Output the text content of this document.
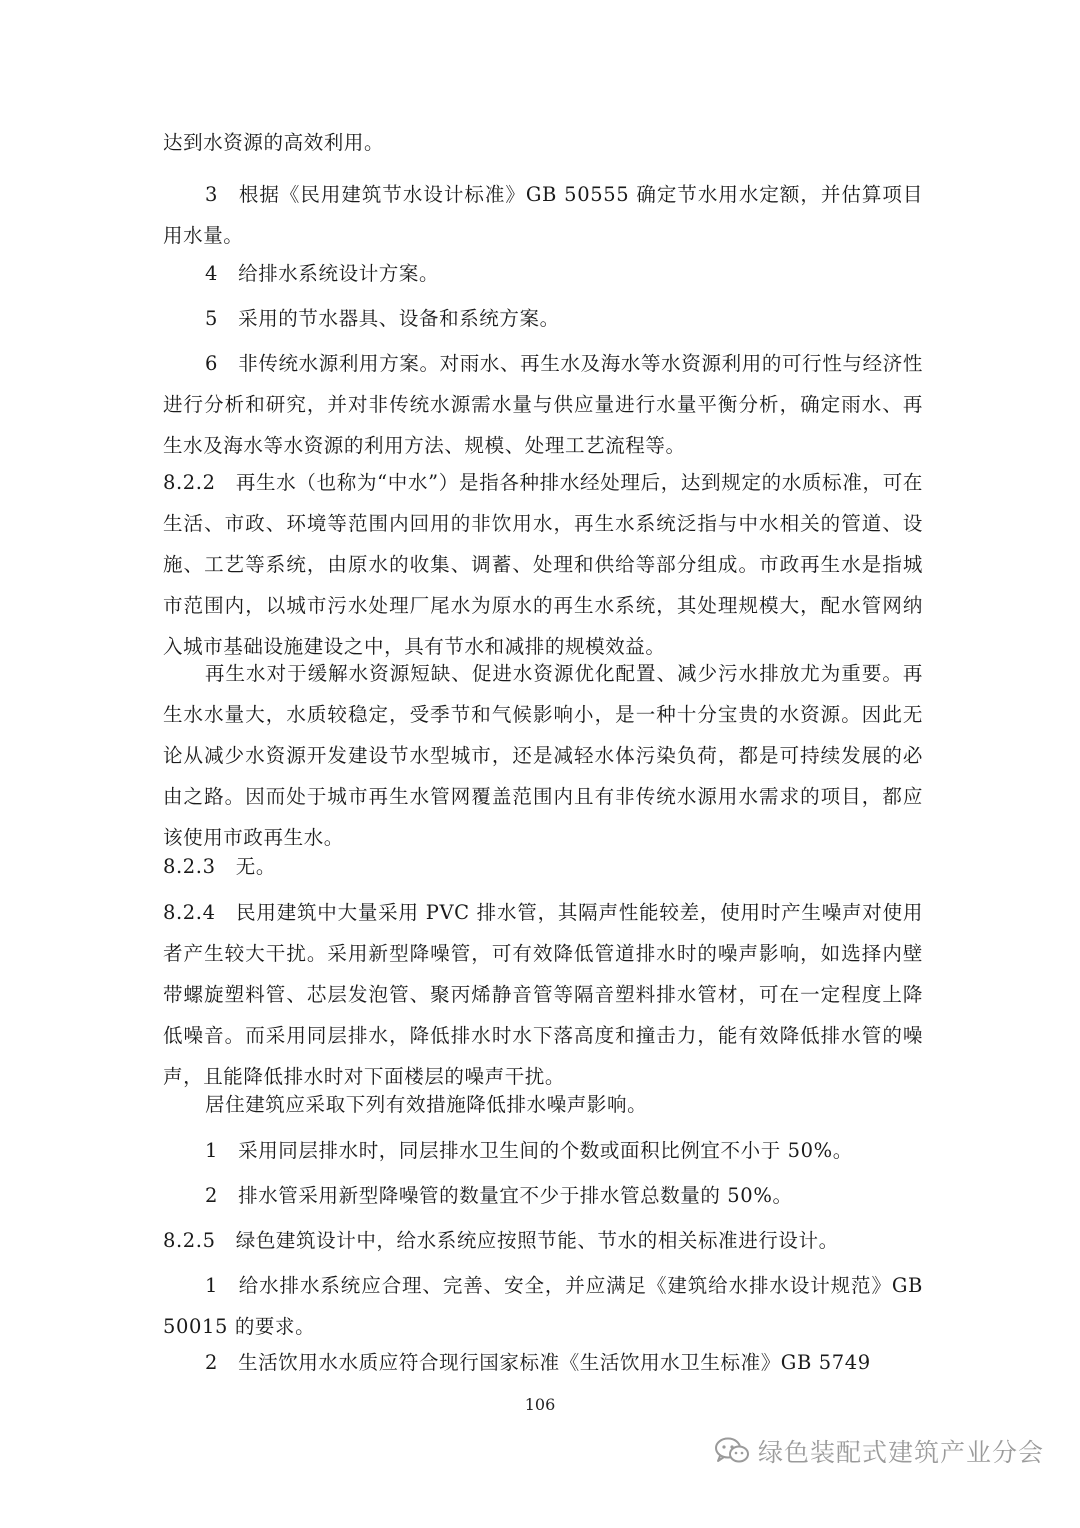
达到水资源的高效利用。
3　根据《民用建筑节水设计标准》GB 50555 确定节水用水定额，并估算项目用水量。
4　给排水系统设计方案。
5　采用的节水器具、设备和系统方案。
6　非传统水源利用方案。对雨水、再生水及海水等水资源利用的可行性与经济性进行分析和研究，并对非传统水源需水量与供应量进行水量平衡分析，确定雨水、再生水及海水等水资源的利用方法、规模、处理工艺流程等。
8.2.2　再生水（也称为“中水”）是指各种排水经处理后，达到规定的水质标准，可在生活、市政、环境等范围内回用的非饮用水，再生水系统泛指与中水相关的管道、设施、工艺等系统，由原水的收集、调蓄、处理和供给等部分组成。市政再生水是指城市范围内，以城市污水处理厂尾水为原水的再生水系统，其处理规模大，配水管网纳入城市基础设施建设之中，具有节水和减排的规模效益。
再生水对于缓解水资源短缺、促进水资源优化配置、减少污水排放尤为重要。再生水水量大，水质较稳定，受季节和气候影响小，是一种十分宝贵的水资源。因此无论从减少水资源开发建设节水型城市，还是减轻水体污染负荷，都是可持续发展的必由之路。因而处于城市再生水管网覆盖范围内且有非传统水源用水需求的项目，都应该使用市政再生水。
8.2.3　无。
8.2.4　民用建筑中大量采用 PVC 排水管，其隔声性能较差，使用时产生噪声对使用者产生较大干扰。采用新型降噪管，可有效降低管道排水时的噪声影响，如选择内壁带螺旋塑料管、芯层发泡管、聚丙烯静音管等隔音塑料排水管材，可在一定程度上降低噪音。而采用同层排水，降低排水时水下落高度和撞击力，能有效降低排水管的噪声，且能降低排水时对下面楼层的噪声干扰。
居住建筑应采取下列有效措施降低排水噪声影响。
1　采用同层排水时，同层排水卫生间的个数或面积比例宜不小于 50%。
2　排水管采用新型降噪管的数量宜不少于排水管总数量的 50%。
8.2.5　绿色建筑设计中，给水系统应按照节能、节水的相关标准进行设计。
1　给水排水系统应合理、完善、安全，并应满足《建筑给水排水设计规范》GB 50015 的要求。
2　生活饮用水水质应符合现行国家标准《生活饮用水卫生标准》GB 5749
106
绿色装配式建筑产业分会
